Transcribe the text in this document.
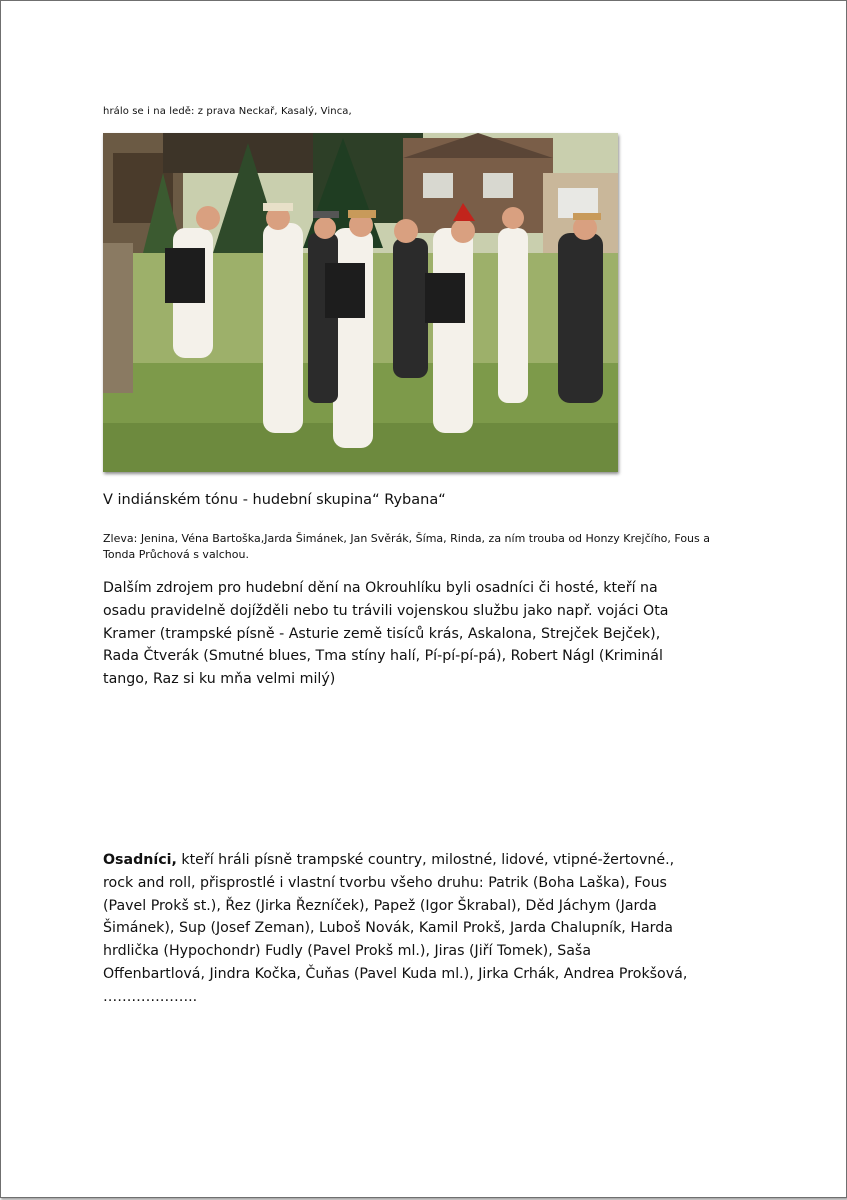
hrálo se i na ledě: z prava Neckař, Kasalý, Vinca,
V indiánském tónu - hudební skupina“ Rybana“
Zleva: Jenina, Véna Bartoška,Jarda Šimánek, Jan Svěrák, Šíma, Rinda, za ním trouba od Honzy Krejčího, Fous a
Tonda Průchová s valchou.
Dalším zdrojem pro hudební dění na Okrouhlíku byli osadníci či hosté, kteří na
osadu pravidelně dojížděli nebo tu trávili vojenskou službu jako např. vojáci Ota
Kramer (trampské písně - Asturie země tisíců krás, Askalona, Strejček Bejček),
Rada Čtverák (Smutné blues, Tma stíny halí, Pí-pí-pí-pá), Robert Nágl (Kriminál
tango, Raz si ku mňa velmi milý)
Osadníci, kteří hráli písně trampské country, milostné, lidové, vtipné-žertovné.,
rock and roll, přisprostlé i vlastní tvorbu všeho druhu: Patrik (Boha Laška), Fous
(Pavel Prokš st.), Řez (Jirka Řezníček), Papež (Igor Škrabal), Děd Jáchym (Jarda
Šimánek), Sup (Josef Zeman), Luboš Novák, Kamil Prokš, Jarda Chalupník, Harda
hrdlička (Hypochondr) Fudly (Pavel Prokš ml.), Jiras (Jiří Tomek), Saša
Offenbartlová, Jindra Kočka, Čuňas (Pavel Kuda ml.), Jirka Crhák, Andrea Prokšová,
………………..
